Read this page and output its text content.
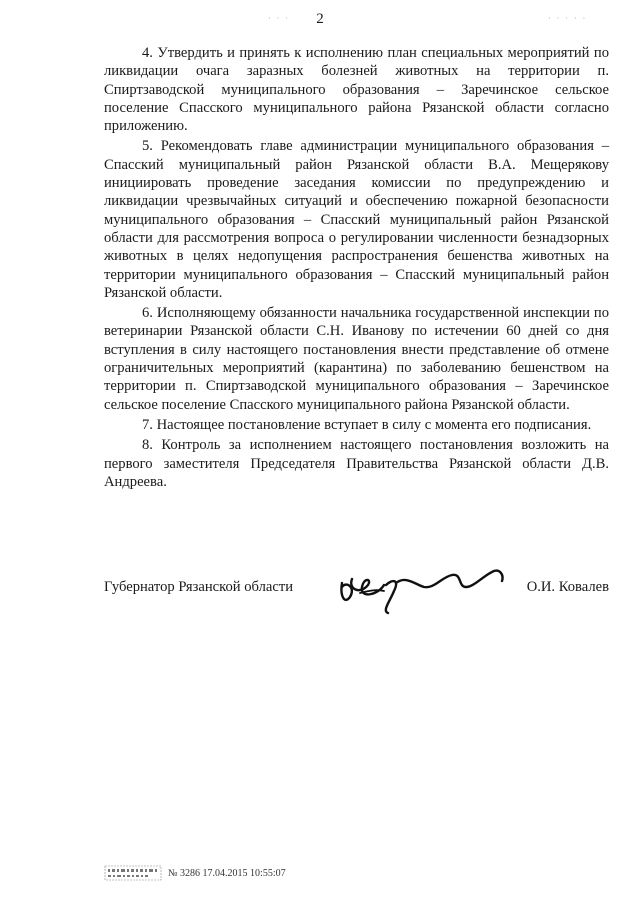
2
· · ·	· · · · ·

4. Утвердить и принять к исполнению план специальных мероприятий по ликвидации очага заразных болезней животных на территории п. Спиртзаводской муниципального образования – Заречинское сельское поселение Спасского муниципального района Рязанской области согласно приложению.

5. Рекомендовать главе администрации муниципального образования – Спасский муниципальный район Рязанской области В.А. Мещерякову инициировать проведение заседания комиссии по предупреждению и ликвидации чрезвычайных ситуаций и обеспечению пожарной безопасности муниципального образования – Спасский муниципальный район Рязанской области для рассмотрения вопроса о регулировании численности безнадзорных животных в целях недопущения распространения бешенства животных на территории муниципального образования – Спасский муниципальный район Рязанской области.

6. Исполняющему обязанности начальника государственной инспекции по ветеринарии Рязанской области С.Н. Иванову по истечении 60 дней со дня вступления в силу настоящего постановления внести представление об отмене ограничительных мероприятий (карантина) по заболеванию бешенством на территории п. Спиртзаводской муниципального образования – Заречинское сельское поселение Спасского муниципального района Рязанской области.

7. Настоящее постановление вступает в силу с момента его подписания.

8. Контроль за исполнением настоящего постановления возложить на первого заместителя Председателя Правительства Рязанской области Д.В. Андреева.

Губернатор Рязанской области	О.И. Ковалев
№ 3286 17.04.2015 10:55:07
